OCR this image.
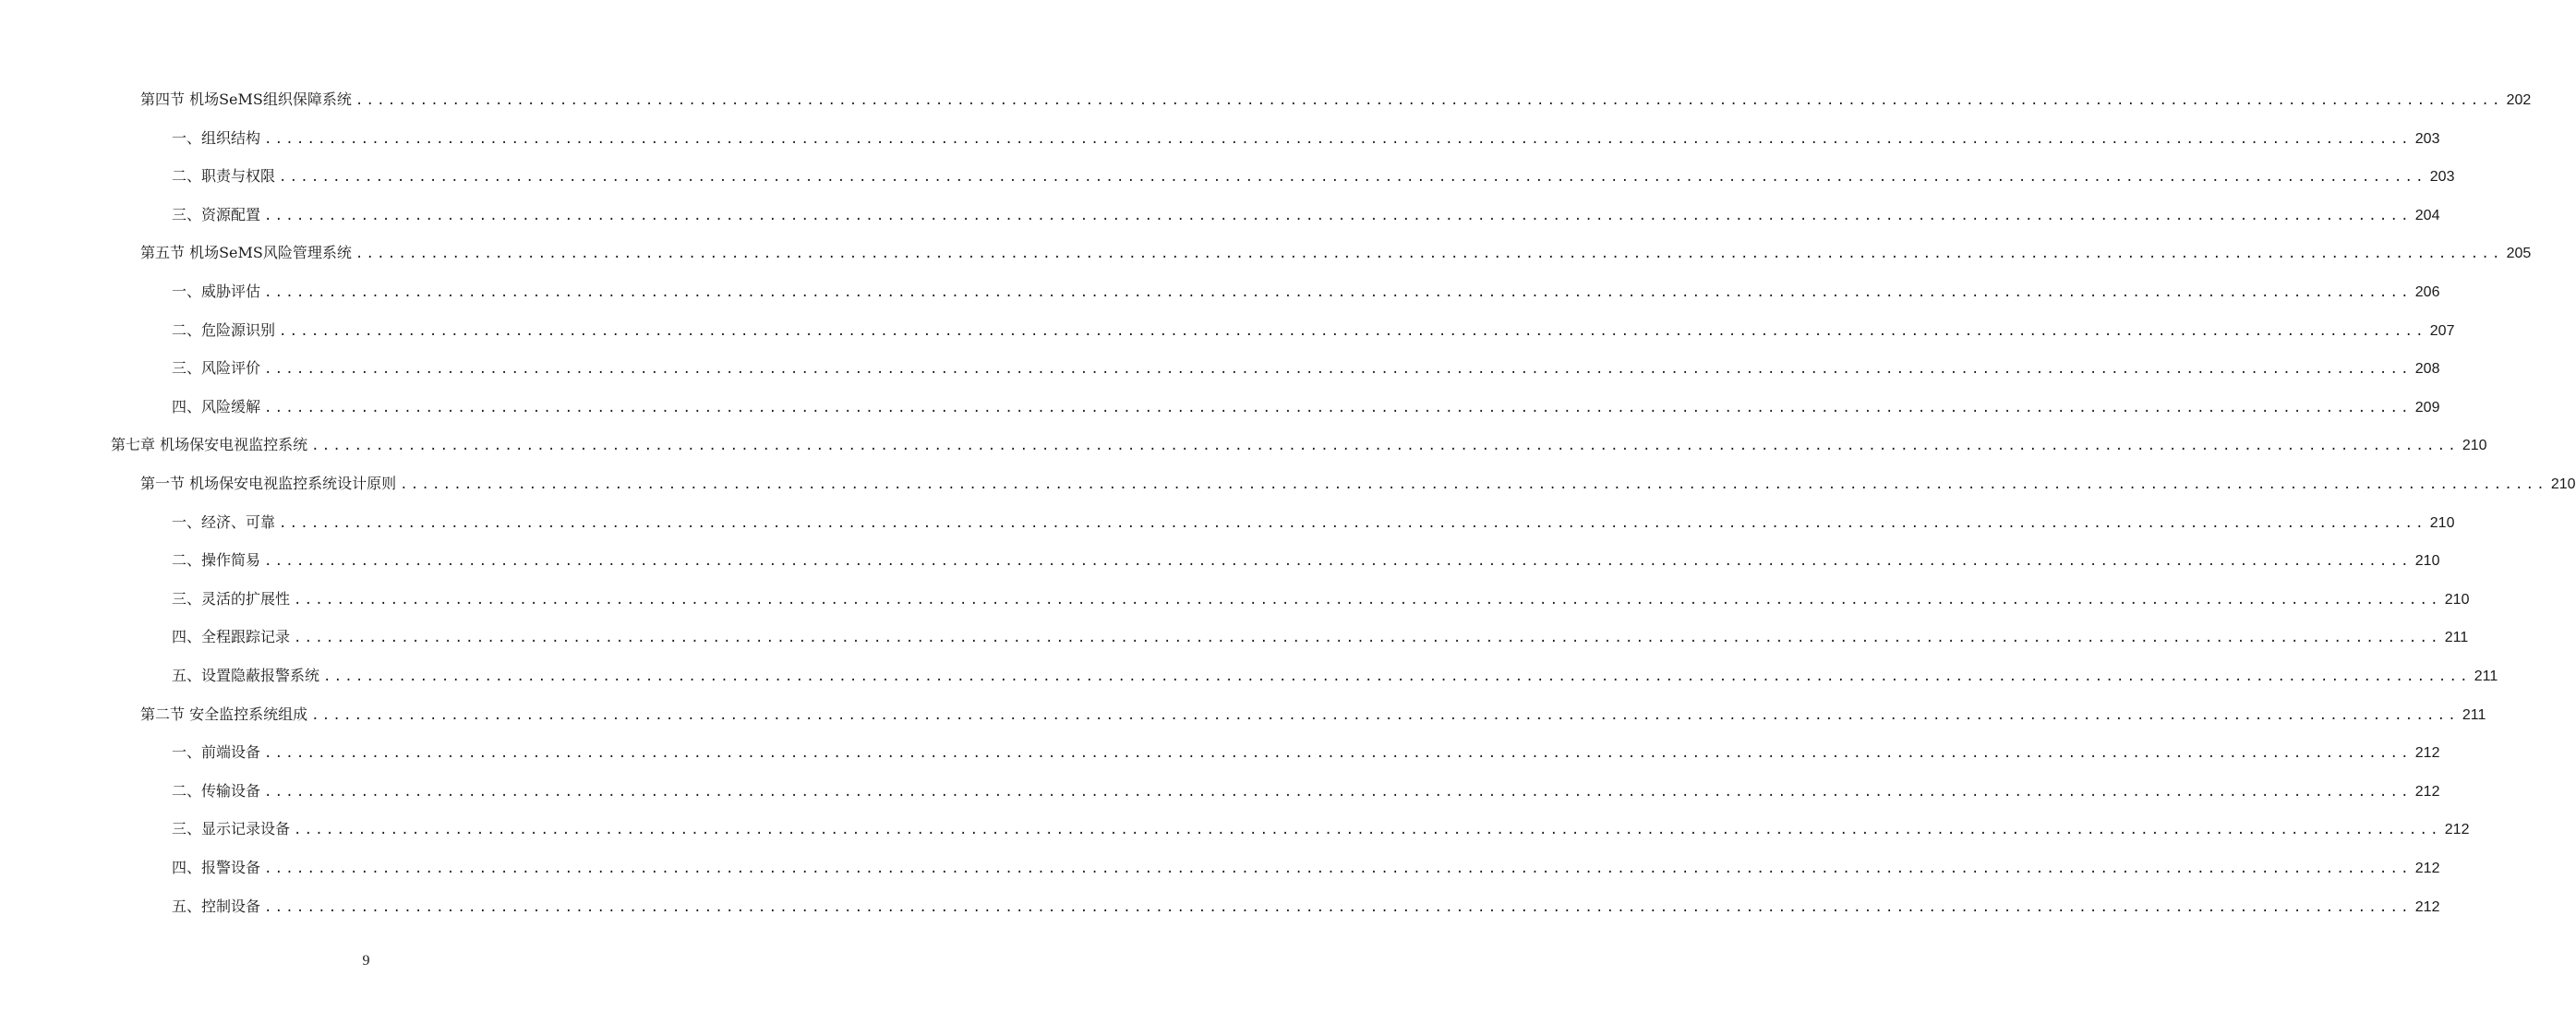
第四节 机场SeMS组织保障系统 ........................................................................................................................................................................................................ 202
一、组织结构 ........................................................................................................................................................................................................ 203
二、职责与权限 ........................................................................................................................................................................................................ 203
三、资源配置 ........................................................................................................................................................................................................ 204
第五节 机场SeMS风险管理系统 ........................................................................................................................................................................................................ 205
一、威胁评估 ........................................................................................................................................................................................................ 206
二、危险源识别 ........................................................................................................................................................................................................ 207
三、风险评价 ........................................................................................................................................................................................................ 208
四、风险缓解 ........................................................................................................................................................................................................ 209
第七章 机场保安电视监控系统 ........................................................................................................................................................................................................ 210
第一节 机场保安电视监控系统设计原则 ........................................................................................................................................................................................................ 210
一、经济、可靠 ........................................................................................................................................................................................................ 210
二、操作简易 ........................................................................................................................................................................................................ 210
三、灵活的扩展性 ........................................................................................................................................................................................................ 210
四、全程跟踪记录 ........................................................................................................................................................................................................ 211
五、设置隐蔽报警系统 ........................................................................................................................................................................................................ 211
第二节 安全监控系统组成 ........................................................................................................................................................................................................ 211
一、前端设备 ........................................................................................................................................................................................................ 212
二、传输设备 ........................................................................................................................................................................................................ 212
三、显示记录设备 ........................................................................................................................................................................................................ 212
四、报警设备 ........................................................................................................................................................................................................ 212
五、控制设备 ........................................................................................................................................................................................................ 212
9
